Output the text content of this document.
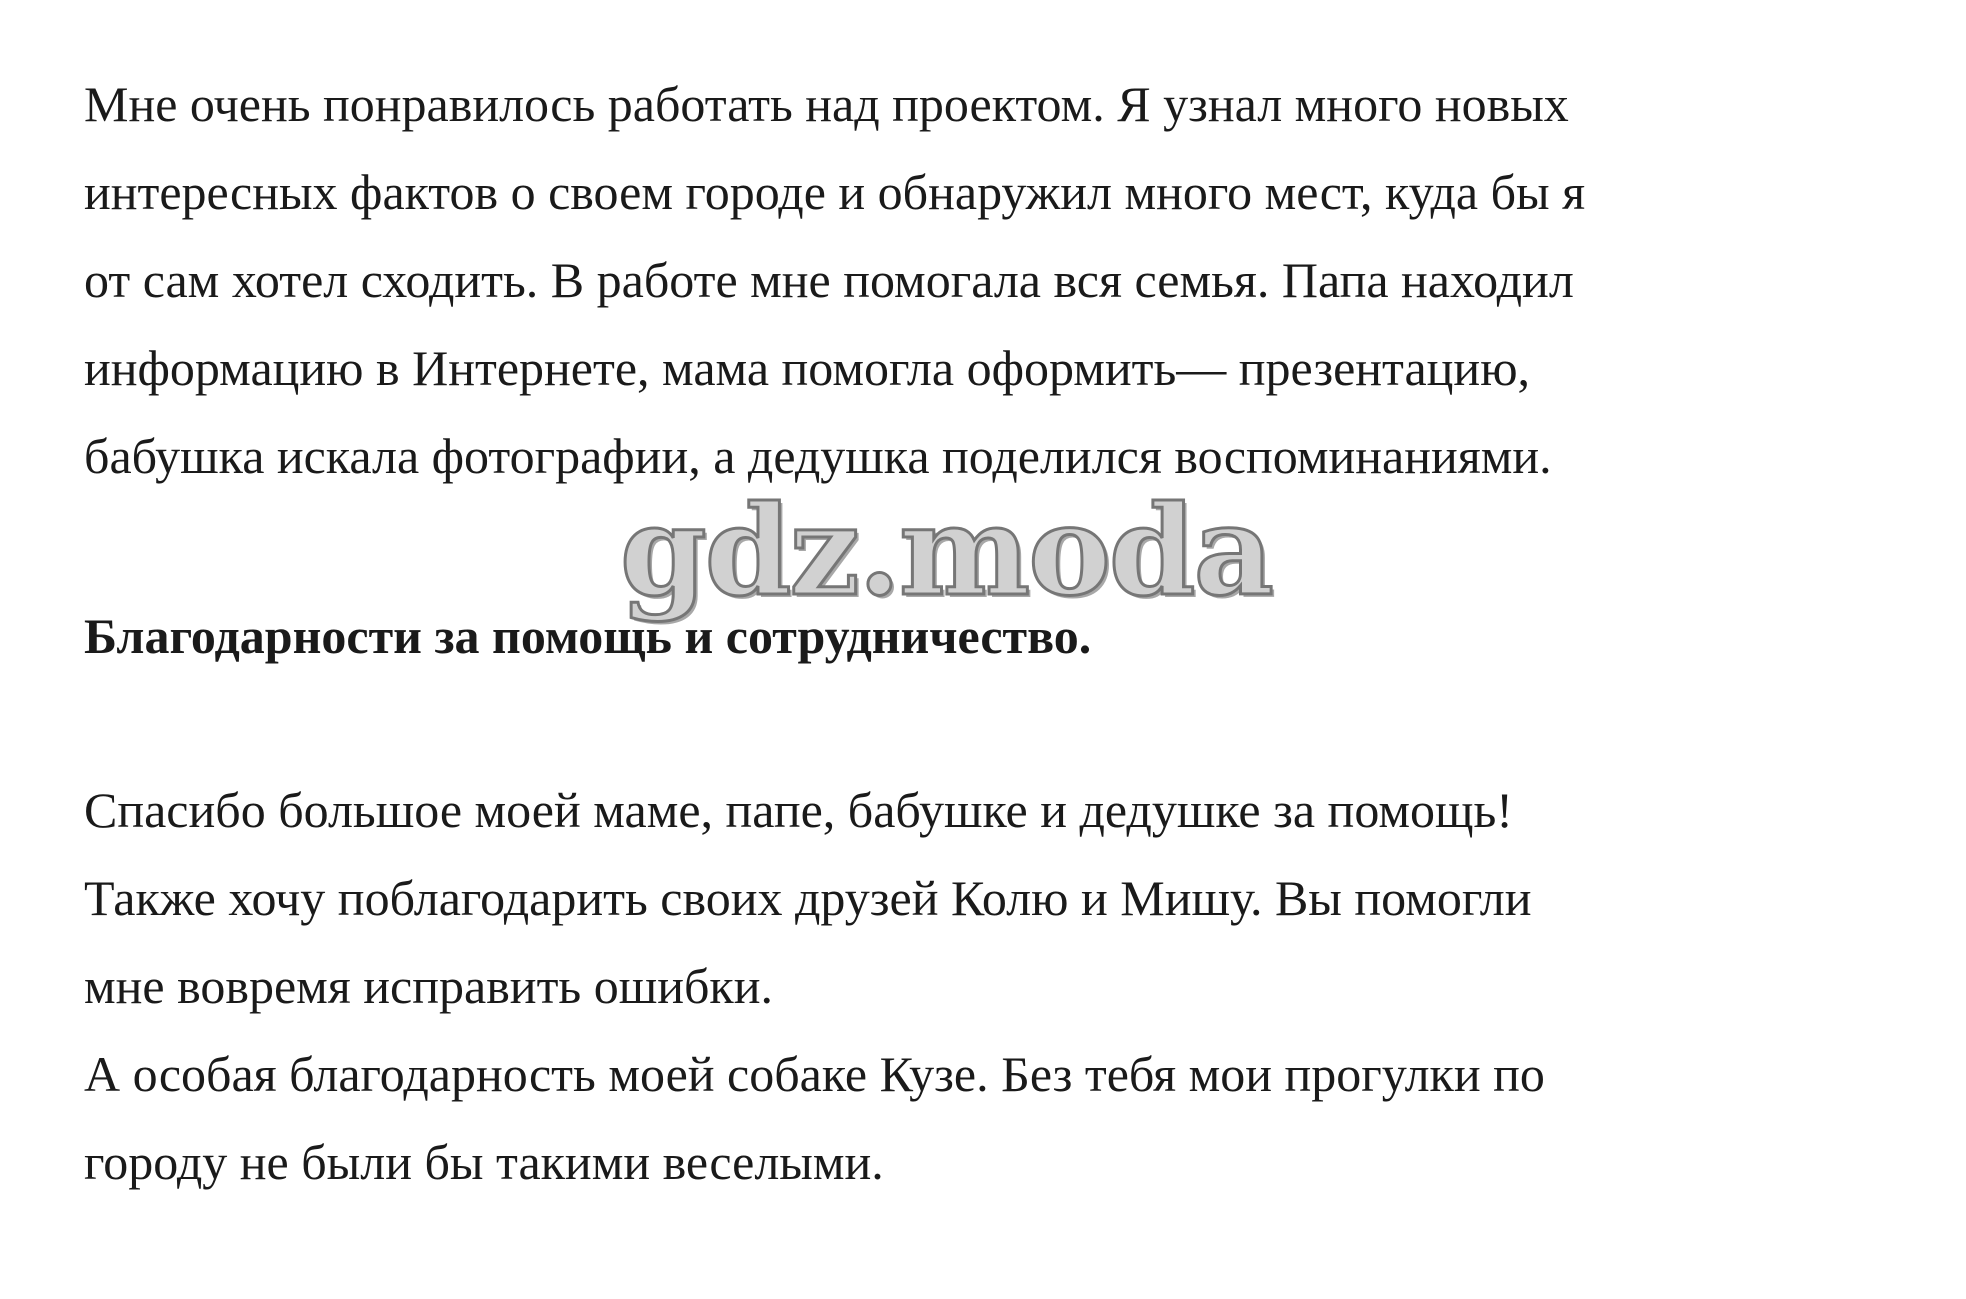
Мне очень понравилось работать над проектом. Я узнал много новых
интересных фактов о своем городе и обнаружил много мест, куда бы я
от сам хотел сходить. В работе мне помогала вся семья. Папа находил
информацию в Интернете, мама помогла оформить— презентацию,
бабушка искала фотографии, а дедушка поделился воспоминаниями.

gdz.moda
Благодарности за помощь и сотрудничество.

Спасибо большое моей маме, папе, бабушке и дедушке за помощь!
Также хочу поблагодарить своих друзей Колю и Мишу. Вы помогли
мне вовремя исправить ошибки.
А особая благодарность моей собаке Кузе. Без тебя мои прогулки по
городу не были бы такими веселыми.
